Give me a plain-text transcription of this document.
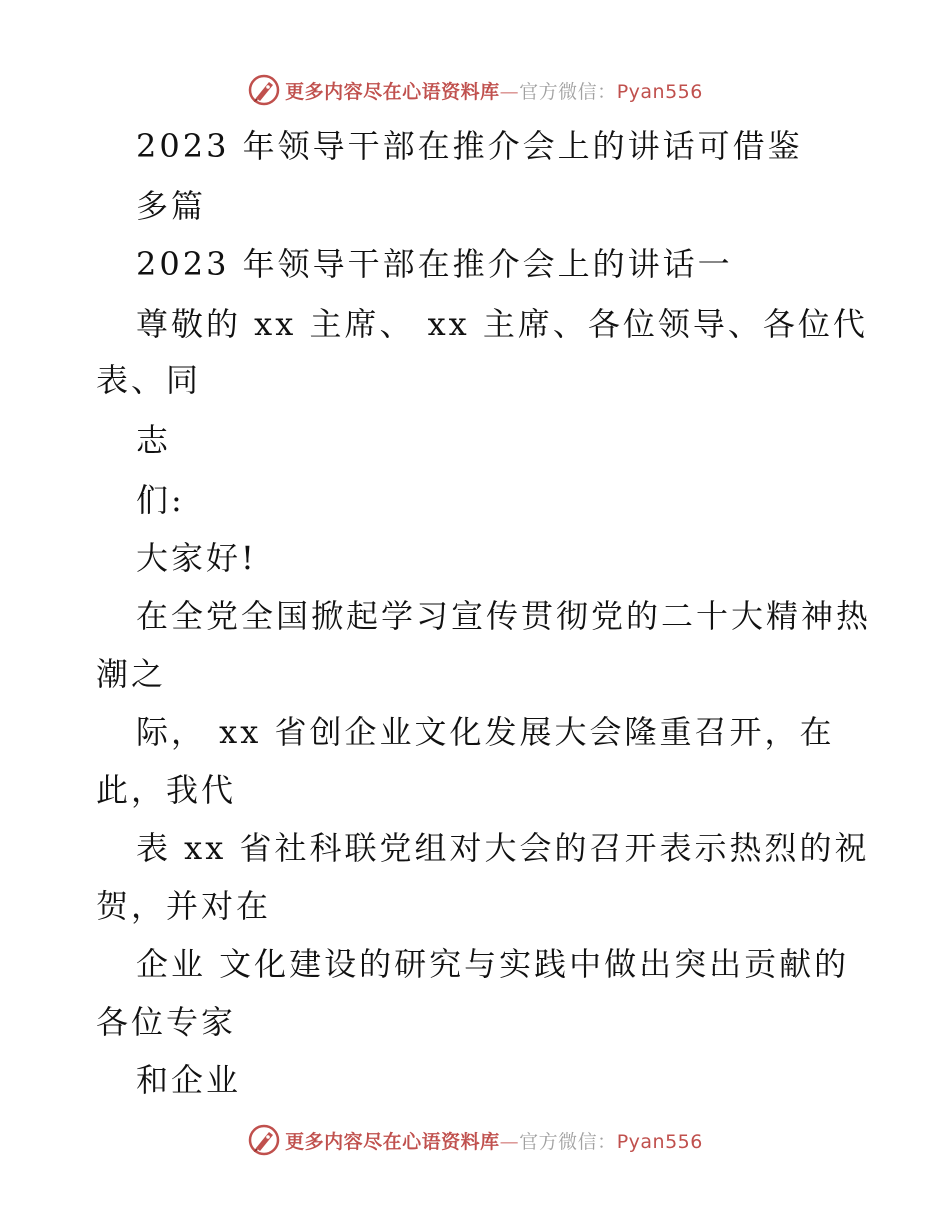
更多内容尽在心语资料库—官方微信：Pyan556
2023 年领导干部在推介会上的讲话可借鉴
多篇
2023 年领导干部在推介会上的讲话一
尊敬的 xx 主席、 xx 主席、各位领导、各位代
表、同
志
们:
大家好!
在全党全国掀起学习宣传贯彻党的二十大精神热
潮之
际， xx 省创企业文化发展大会隆重召开，在
此，我代
表 xx 省社科联党组对大会的召开表示热烈的祝
贺，并对在
企业 文化建设的研究与实践中做出突出贡献的
各位专家
和企业
更多内容尽在心语资料库—官方微信：Pyan556
